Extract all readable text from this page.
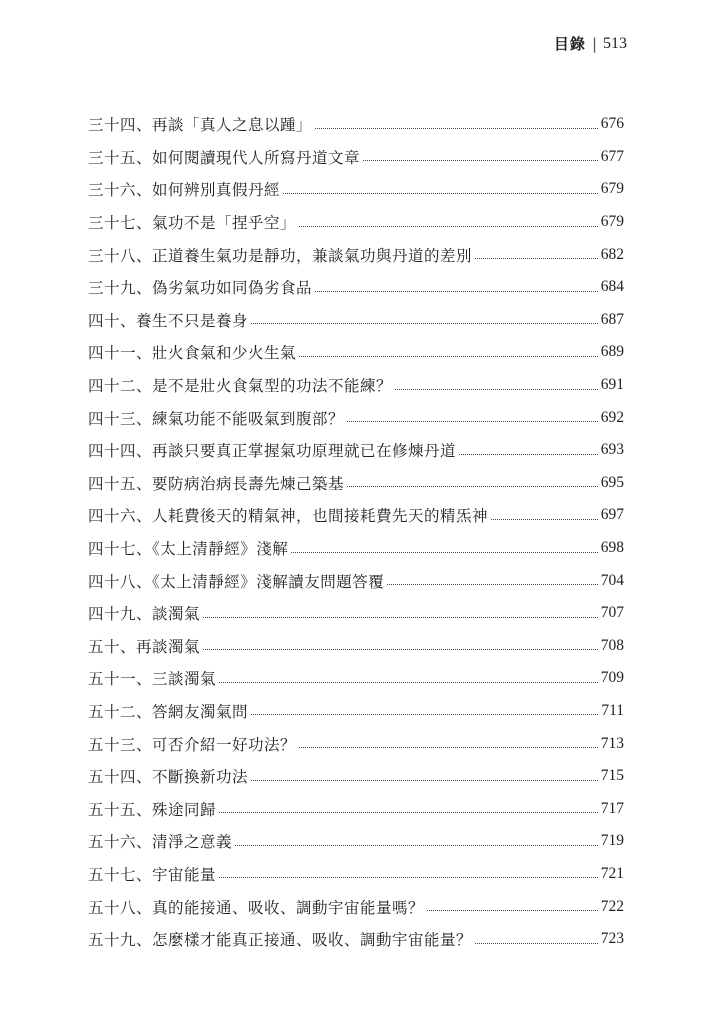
目錄 | 513
三十四、再談「真人之息以踵」	676
三十五、如何閱讀現代人所寫丹道文章	677
三十六、如何辨別真假丹經	679
三十七、氣功不是「捏乎空」	679
三十八、正道養生氣功是靜功，兼談氣功與丹道的差別	682
三十九、偽劣氣功如同偽劣食品	684
四十、養生不只是養身	687
四十一、壯火食氣和少火生氣	689
四十二、是不是壯火食氣型的功法不能練？	691
四十三、練氣功能不能吸氣到腹部？	692
四十四、再談只要真正掌握氣功原理就已在修煉丹道	693
四十五、要防病治病長壽先煉己築基	695
四十六、人耗費後天的精氣神，也間接耗費先天的精炁神	697
四十七、《太上清靜經》淺解	698
四十八、《太上清靜經》淺解讀友問題答覆	704
四十九、談濁氣	707
五十、再談濁氣	708
五十一、三談濁氣	709
五十二、答網友濁氣問	711
五十三、可否介紹一好功法？	713
五十四、不斷換新功法	715
五十五、殊途同歸	717
五十六、清淨之意義	719
五十七、宇宙能量	721
五十八、真的能接通、吸收、調動宇宙能量嗎？	722
五十九、怎麼樣才能真正接通、吸收、調動宇宙能量？	723
